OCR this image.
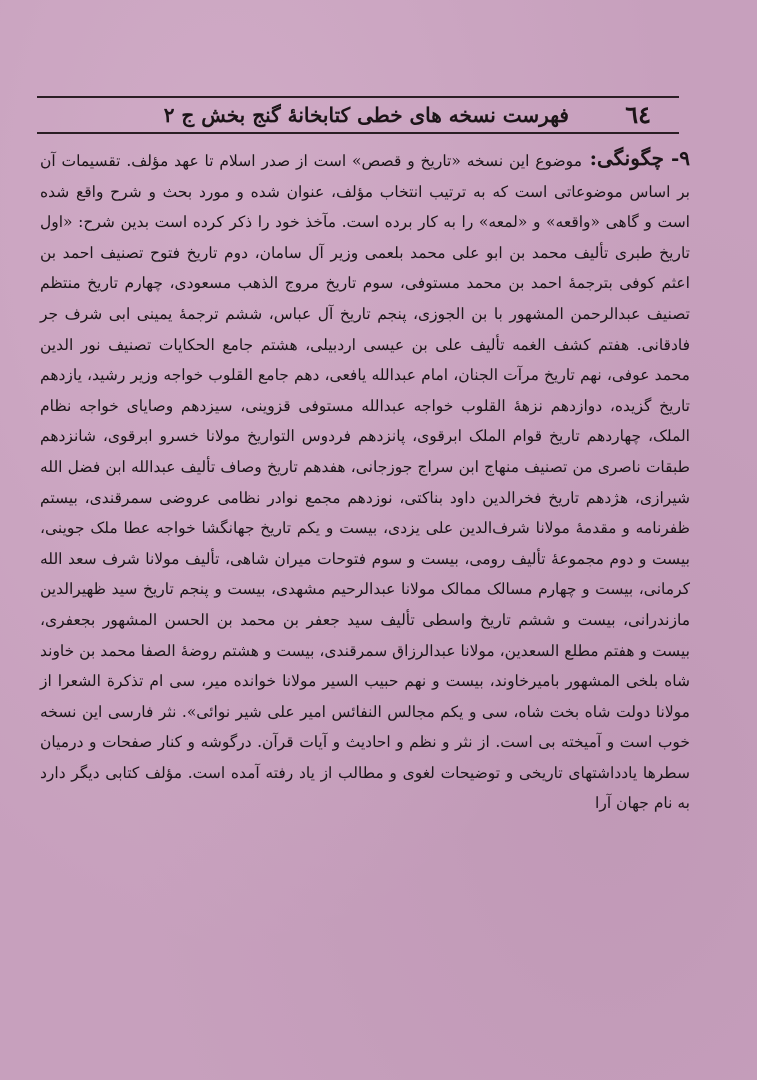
٦٤
فهرست نسخه های خطی کتابخانهٔ گنج بخش ج ۲
۹- چگونگی:

موضوع این نسخه «تاریخ و قصص» است از صدر اسلام تا عهد مؤلف. تقسیمات آن بر اساس موضوعاتی است که به ترتیب انتخاب مؤلف، عنوان شده و مورد بحث و شرح واقع شده است و گاهی «واقعه» و «لمعه» را به کار برده است. مآخذ خود را ذکر کرده است بدین شرح: «اول تاریخ طبری تألیف محمد بن ابو علی محمد بلعمی وزیر آل سامان، دوم تاریخ فتوح تصنیف احمد بن اعثم کوفی بترجمهٔ احمد بن محمد مستوفی، سوم تاریخ مروج الذهب مسعودی، چهارم تاریخ منتظم تصنیف عبدالرحمن المشهور با بن الجوزی، پنجم تاریخ آل عباس، ششم ترجمهٔ یمینی ابی شرف جر فادقانی. هفتم کشف الغمه تألیف علی بن عیسی اردبیلی، هشتم جامع الحکایات تصنیف نور الدین محمد عوفی، نهم تاریخ مرآت الجنان، امام عبدالله یافعی، دهم جامع القلوب خواجه وزیر رشید، یازدهم تاریخ گزیده، دوازدهم نزههٔ القلوب خواجه عبدالله مستوفی قزوینی، سیزدهم وصایای خواجه نظام الملک، چهاردهم تاریخ قوام الملک ابرقوی، پانزدهم فردوس التواریخ مولانا خسرو ابرقوی، شانزدهم طبقات ناصری من تصنیف منهاج ابن سراج جوزجانی، هفدهم تاریخ وصاف تألیف عبدالله ابن فضل الله شیرازی، هژدهم تاریخ فخرالدین داود بناکتی، نوزدهم مجمع نوادر نظامی عروضی سمرقندی، بیستم ظفرنامه و مقدمهٔ مولانا شرف‌الدین علی یزدی، بیست و یکم تاریخ جهانگشا خواجه عطا ملک جوینی، بیست و دوم مجموعهٔ تألیف رومی، بیست و سوم فتوحات میران شاهی، تألیف مولانا شرف سعد الله کرمانی، بیست و چهارم مسالک ممالک مولانا عبدالرحیم مشهدی، بیست و پنجم تاریخ سید ظهیرالدین مازندرانی، بیست و ششم تاریخ واسطی تألیف سید جعفر بن محمد بن الحسن المشهور بجعفری، بیست و هفتم مطلع السعدین، مولانا عبدالرزاق سمرقندی، بیست و هشتم روضهٔ الصفا محمد بن خاوند شاه بلخی المشهور بامیرخاوند، بیست و نهم حبیب السیر مولانا خوانده میر، سی ام تذکرة الشعرا از مولانا دولت شاه بخت شاه، سی و یکم مجالس النفائس امیر علی شیر نوائی». نثر فارسی این نسخه خوب است و آمیخته بی است. از نثر و نظم و احادیث و آیات قرآن. درگوشه و کنار صفحات و درمیان سطرها یادداشتهای تاریخی و توضیحات لغوی و مطالب از یاد رفته آمده است. مؤلف کتابی دیگر دارد به نام جهان آرا
